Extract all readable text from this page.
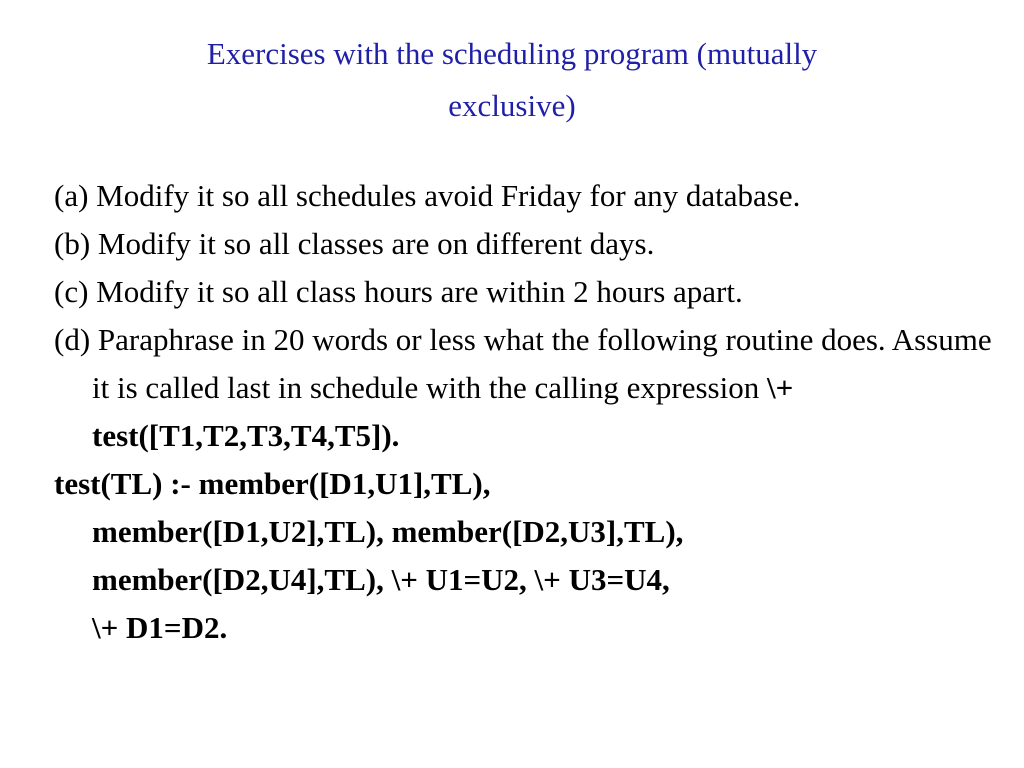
Exercises with the scheduling program (mutually
exclusive)

(a) Modify it so all schedules avoid Friday for any database.

(b) Modify it so all classes are on different days.

(c) Modify it so all class hours are within 2 hours apart.

(d) Paraphrase in 20 words or less what the following routine does. Assume it is called last in schedule with the calling expression \+ test([T1,T2,T3,T4,T5]).

test(TL) :- member([D1,U1],TL),

member([D1,U2],TL), member([D2,U3],TL),

member([D2,U4],TL), \+ U1=U2, \+ U3=U4,

\+ D1=D2.
